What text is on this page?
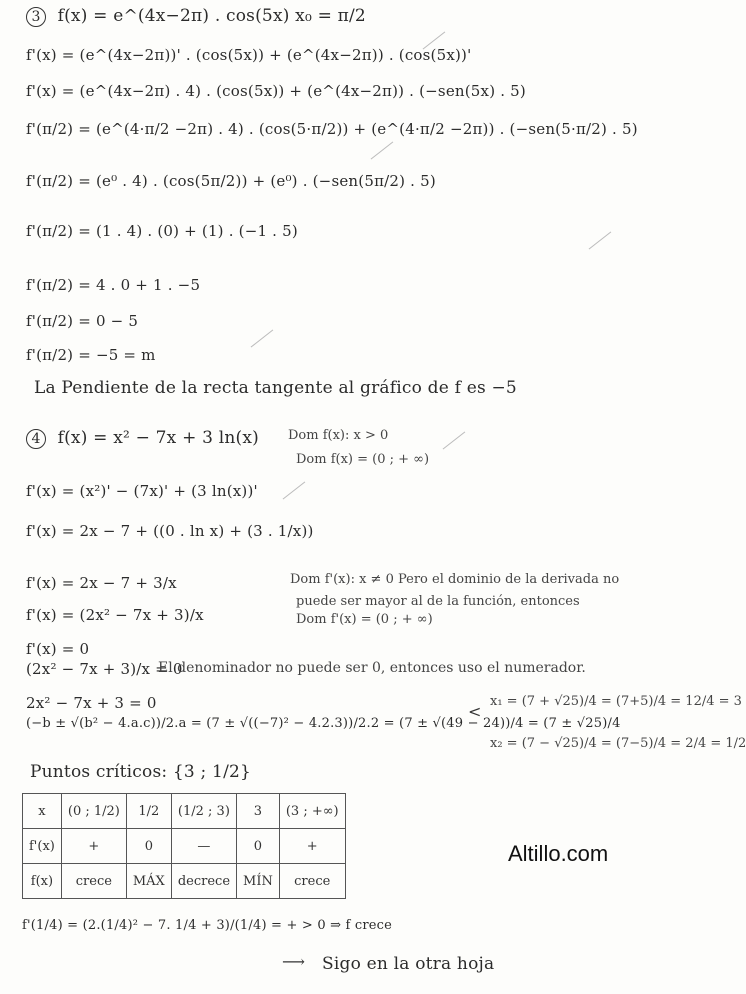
3 f(x) = e^(4x−2π) . cos(5x) x₀ = π/2
f'(x) = (e^(4x−2π))' . (cos(5x)) + (e^(4x−2π)) . (cos(5x))'
f'(x) = (e^(4x−2π) . 4) . (cos(5x)) + (e^(4x−2π)) . (−sen(5x) . 5)
f'(π/2) = (e^(4·π/2 −2π) . 4) . (cos(5·π/2)) + (e^(4·π/2 −2π)) . (−sen(5·π/2) . 5)
f'(π/2) = (e⁰ . 4) . (cos(5π/2)) + (e⁰) . (−sen(5π/2) . 5)
f'(π/2) = (1 . 4) . (0) + (1) . (−1 . 5)
f'(π/2) = 4 . 0 + 1 . −5
f'(π/2) = 0 − 5
f'(π/2) = −5 = m
La Pendiente de la recta tangente al gráfico de f es −5
4 f(x) = x² − 7x + 3 ln(x) Dom f(x): x > 0
Dom f(x) = (0 ; + ∞)
f'(x) = (x²)' − (7x)' + (3 ln(x))'
f'(x) = 2x − 7 + ((0 . ln x) + (3 . 1/x))
f'(x) = 2x − 7 + 3/x
f'(x) = (2x² − 7x + 3)/x
Dom f'(x): x ≠ 0 Pero el dominio de la derivada no
puede ser mayor al de la función, entonces
Dom f'(x) = (0 ; + ∞)
f'(x) = 0
(2x² − 7x + 3)/x = 0
El denominador no puede ser 0, entonces uso el numerador.
2x² − 7x + 3 = 0
(−b ± √(b² − 4.a.c))/2.a = (7 ± √((−7)² − 4.2.3))/2.2 = (7 ± √(49 − 24))/4 = (7 ± √25)/4
<
x₁ = (7 + √25)/4 = (7+5)/4 = 12/4 = 3
x₂ = (7 − √25)/4 = (7−5)/4 = 2/4 = 1/2
Puntos críticos: {3 ; 1/2}
x	(0 ; 1/2)	1/2	(1/2 ; 3)	3	(3 ; +∞)
f'(x)	+	0	—	0	+
f(x)	crece	MÁX	decrece	MÍN	crece
Altillo.com
f'(1/4) = (2.(1/4)² − 7. 1/4 + 3)/(1/4) = + > 0 ⇒ f crece
⟶ Sigo en la otra hoja
